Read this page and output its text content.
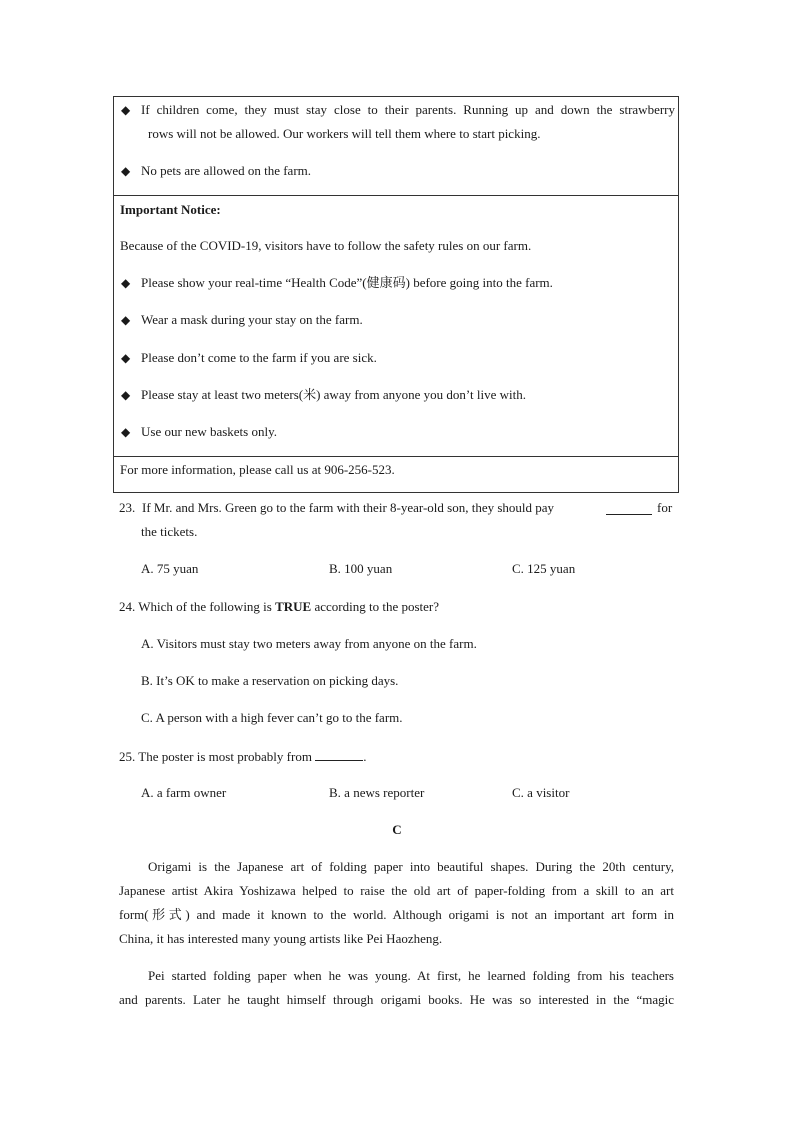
◆ If children come, they must stay close to their parents. Running up and down the strawberry
rows will not be allowed. Our workers will tell them where to start picking.
◆ No pets are allowed on the farm.
Important Notice:
Because of the COVID-19, visitors have to follow the safety rules on our farm.
◆ Please show your real-time “Health Code”(健康码) before going into the farm.
◆ Wear a mask during your stay on the farm.
◆ Please don’t come to the farm if you are sick.
◆ Please stay at least two meters(米) away from anyone you don’t live with.
◆ Use our new baskets only.
For more information, please call us at 906-256-523.
23. If Mr. and Mrs. Green go to the farm with their 8-year-old son, they should pay	for
the tickets.
A. 75 yuan	B. 100 yuan	C. 125 yuan
24. Which of the following is TRUE according to the poster?
A. Visitors must stay two meters away from anyone on the farm.
B. It’s OK to make a reservation on picking days.
C. A person with a high fever can’t go to the farm.
25. The poster is most probably from	.
A. a farm owner	B. a news reporter	C. a visitor
C
Origami is the Japanese art of folding paper into beautiful shapes. During the 20th century,
Japanese artist Akira Yoshizawa helped to raise the old art of paper-folding from a skill to an art
form(形式) and made it known to the world. Although origami is not an important art form in
China, it has interested many young artists like Pei Haozheng.
Pei started folding paper when he was young. At first, he learned folding from his teachers
and parents. Later he taught himself through origami books. He was so interested in the “magic
